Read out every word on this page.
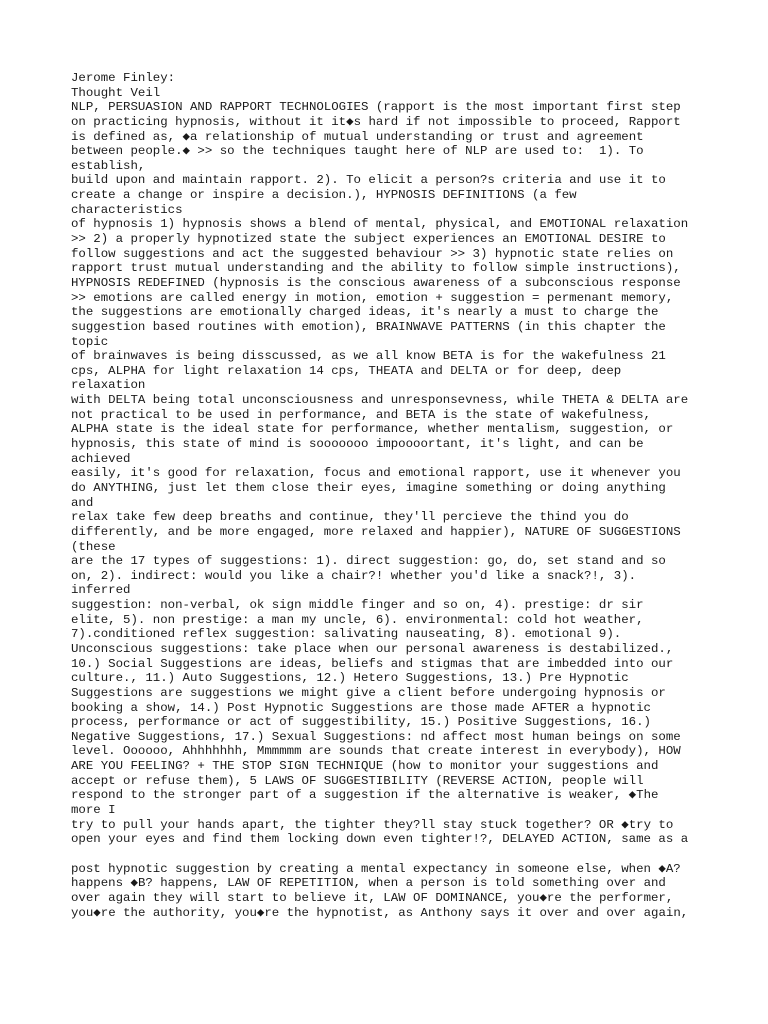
Jerome Finley:
Thought Veil
NLP, PERSUASION AND RAPPORT TECHNOLOGIES (rapport is the most important first step
on practicing hypnosis, without it it◆s hard if not impossible to proceed, Rapport
is defined as, ◆a relationship of mutual understanding or trust and agreement
between people.◆ >> so the techniques taught here of NLP are used to:  1). To
establish,
build upon and maintain rapport. 2). To elicit a person?s criteria and use it to
create a change or inspire a decision.), HYPNOSIS DEFINITIONS (a few
characteristics
of hypnosis 1) hypnosis shows a blend of mental, physical, and EMOTIONAL relaxation
>> 2) a properly hypnotized state the subject experiences an EMOTIONAL DESIRE to
follow suggestions and act the suggested behaviour >> 3) hypnotic state relies on
rapport trust mutual understanding and the ability to follow simple instructions),
HYPNOSIS REDEFINED (hypnosis is the conscious awareness of a subconscious response
>> emotions are called energy in motion, emotion + suggestion = permenant memory,
the suggestions are emotionally charged ideas, it's nearly a must to charge the
suggestion based routines with emotion), BRAINWAVE PATTERNS (in this chapter the
topic
of brainwaves is being disscussed, as we all know BETA is for the wakefulness 21
cps, ALPHA for light relaxation 14 cps, THEATA and DELTA or for deep, deep
relaxation
with DELTA being total unconsciousness and unresponsevness, while THETA & DELTA are
not practical to be used in performance, and BETA is the state of wakefulness,
ALPHA state is the ideal state for performance, whether mentalism, suggestion, or
hypnosis, this state of mind is sooooooo impoooortant, it's light, and can be
achieved
easily, it's good for relaxation, focus and emotional rapport, use it whenever you
do ANYTHING, just let them close their eyes, imagine something or doing anything
and
relax take few deep breaths and continue, they'll percieve the thind you do
differently, and be more engaged, more relaxed and happier), NATURE OF SUGGESTIONS
(these
are the 17 types of suggestions: 1). direct suggestion: go, do, set stand and so
on, 2). indirect: would you like a chair?! whether you'd like a snack?!, 3).
inferred
suggestion: non-verbal, ok sign middle finger and so on, 4). prestige: dr sir
elite, 5). non prestige: a man my uncle, 6). environmental: cold hot weather,
7).conditioned reflex suggestion: salivating nauseating, 8). emotional 9).
Unconscious suggestions: take place when our personal awareness is destabilized.,
10.) Social Suggestions are ideas, beliefs and stigmas that are imbedded into our
culture., 11.) Auto Suggestions, 12.) Hetero Suggestions, 13.) Pre Hypnotic
Suggestions are suggestions we might give a client before undergoing hypnosis or
booking a show, 14.) Post Hypnotic Suggestions are those made AFTER a hypnotic
process, performance or act of suggestibility, 15.) Positive Suggestions, 16.)
Negative Suggestions, 17.) Sexual Suggestions: nd affect most human beings on some
level. Oooooo, Ahhhhhhh, Mmmmmm are sounds that create interest in everybody), HOW
ARE YOU FEELING? + THE STOP SIGN TECHNIQUE (how to monitor your suggestions and
accept or refuse them), 5 LAWS OF SUGGESTIBILITY (REVERSE ACTION, people will
respond to the stronger part of a suggestion if the alternative is weaker, ◆The
more I
try to pull your hands apart, the tighter they?ll stay stuck together? OR ◆try to
open your eyes and find them locking down even tighter!?, DELAYED ACTION, same as a
post hypnotic suggestion by creating a mental expectancy in someone else, when ◆A?
happens ◆B? happens, LAW OF REPETITION, when a person is told something over and
over again they will start to believe it, LAW OF DOMINANCE, you◆re the performer,
you◆re the authority, you◆re the hypnotist, as Anthony says it over and over again,
